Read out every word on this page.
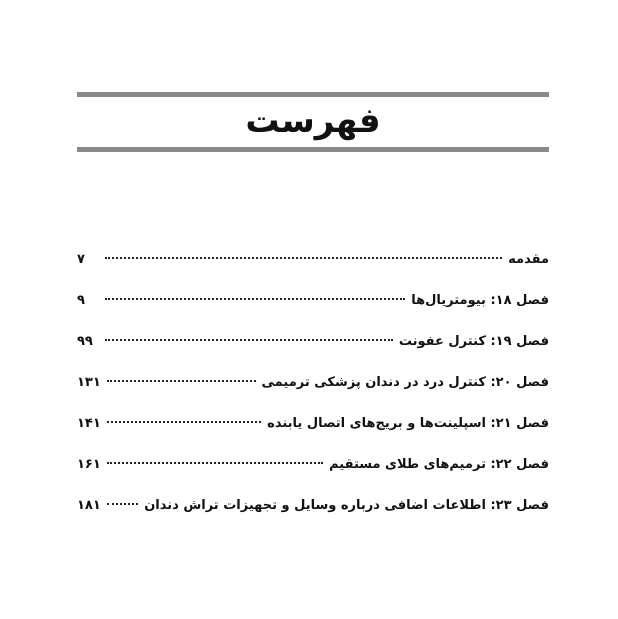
فهرست
مقدمه
۷
فصل ۱۸: بیومتریال‌ها
۹
فصل ۱۹: کنترل عفونت
۹۹
فصل ۲۰: کنترل درد در دندان پزشکی ترمیمی
۱۳۱
فصل ۲۱: اسپلینت‌ها و بریج‌های اتصال یابنده
۱۴۱
فصل ۲۲: ترمیم‌های طلای مستقیم
۱۶۱
فصل ۲۳: اطلاعات اضافی درباره وسایل و تجهیزات تراش دندان
۱۸۱
